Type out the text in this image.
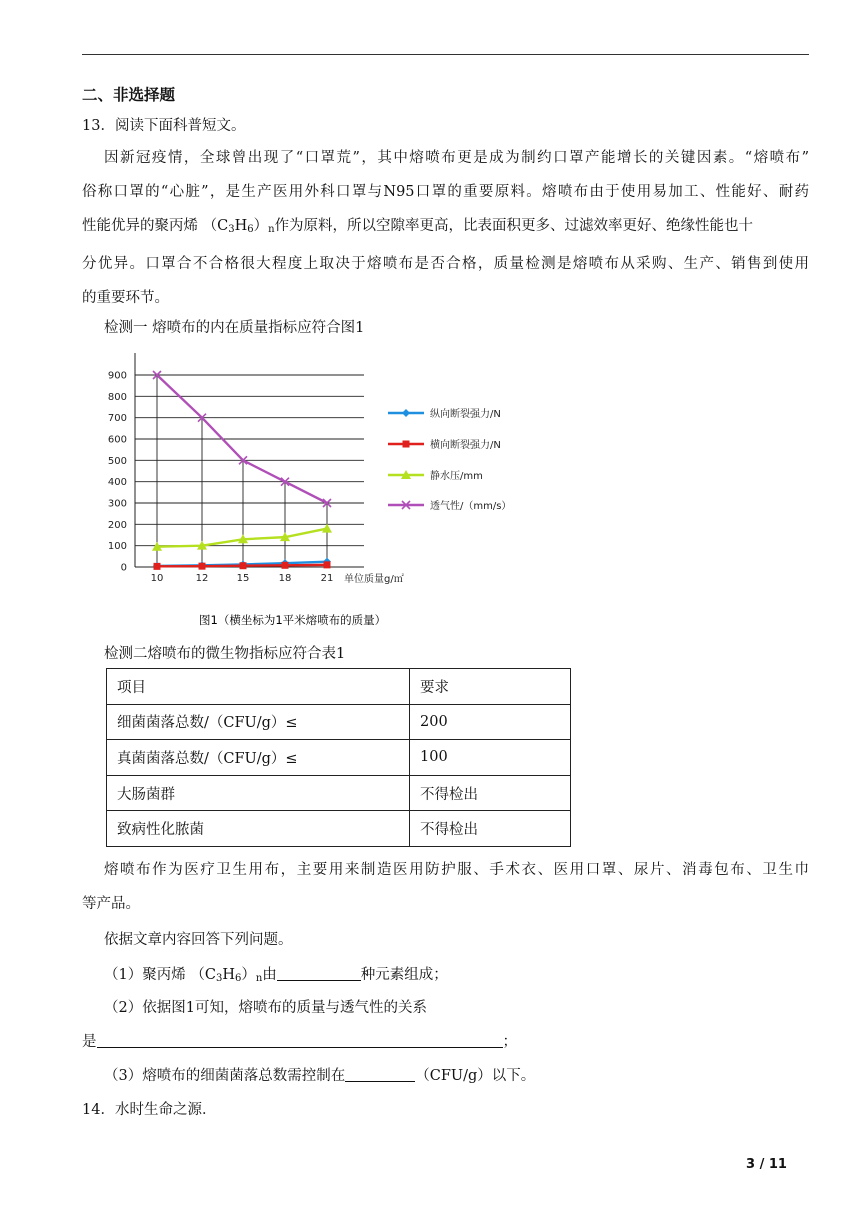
二、非选择题
13．阅读下面科普短文。
因新冠疫情，全球曾出现了“口罩荒”，其中熔喷布更是成为制约口罩产能增长的关键因素。“熔喷布”
俗称口罩的“心脏”，是生产医用外科口罩与N95口罩的重要原料。熔喷布由于使用易加工、性能好、耐药
性能优异的聚丙烯 $(C_3H_6)_n$作为原料，所以空隙率更高，比表面积更多、过滤效率更好、绝缘性能也十
分优异。口罩合不合格很大程度上取决于熔喷布是否合格，质量检测是熔喷布从采购、生产、销售到使用
的重要环节。
检测一 熔喷布的内在质量指标应符合图1
0
100
200
300
400
500
600
700
800
900
10	12	15	18	21 单位质量g/㎡
纵向断裂强力/N
横向断裂强力/N
静水压/mm
透气性/（mm/s）
图1（横坐标为1平米熔喷布的质量）
检测二熔喷布的微生物指标应符合表1
项目	要求
细菌菌落总数/（CFU/g）≤	200
真菌菌落总数/（CFU/g）≤	100
大肠菌群	不得检出
致病性化脓菌	不得检出
熔喷布作为医疗卫生用布，主要用来制造医用防护服、手术衣、医用口罩、尿片、消毒包布、卫生巾
等产品。
依据文章内容回答下列问题。
（1）聚丙烯 $(C_3H_6)_n$由	种元素组成；
（2）依据图1可知，熔喷布的质量与透气性的关系
是	；
（3）熔喷布的细菌菌落总数需控制在	（CFU/g）以下。
14．水时生命之源．
3 / 11
